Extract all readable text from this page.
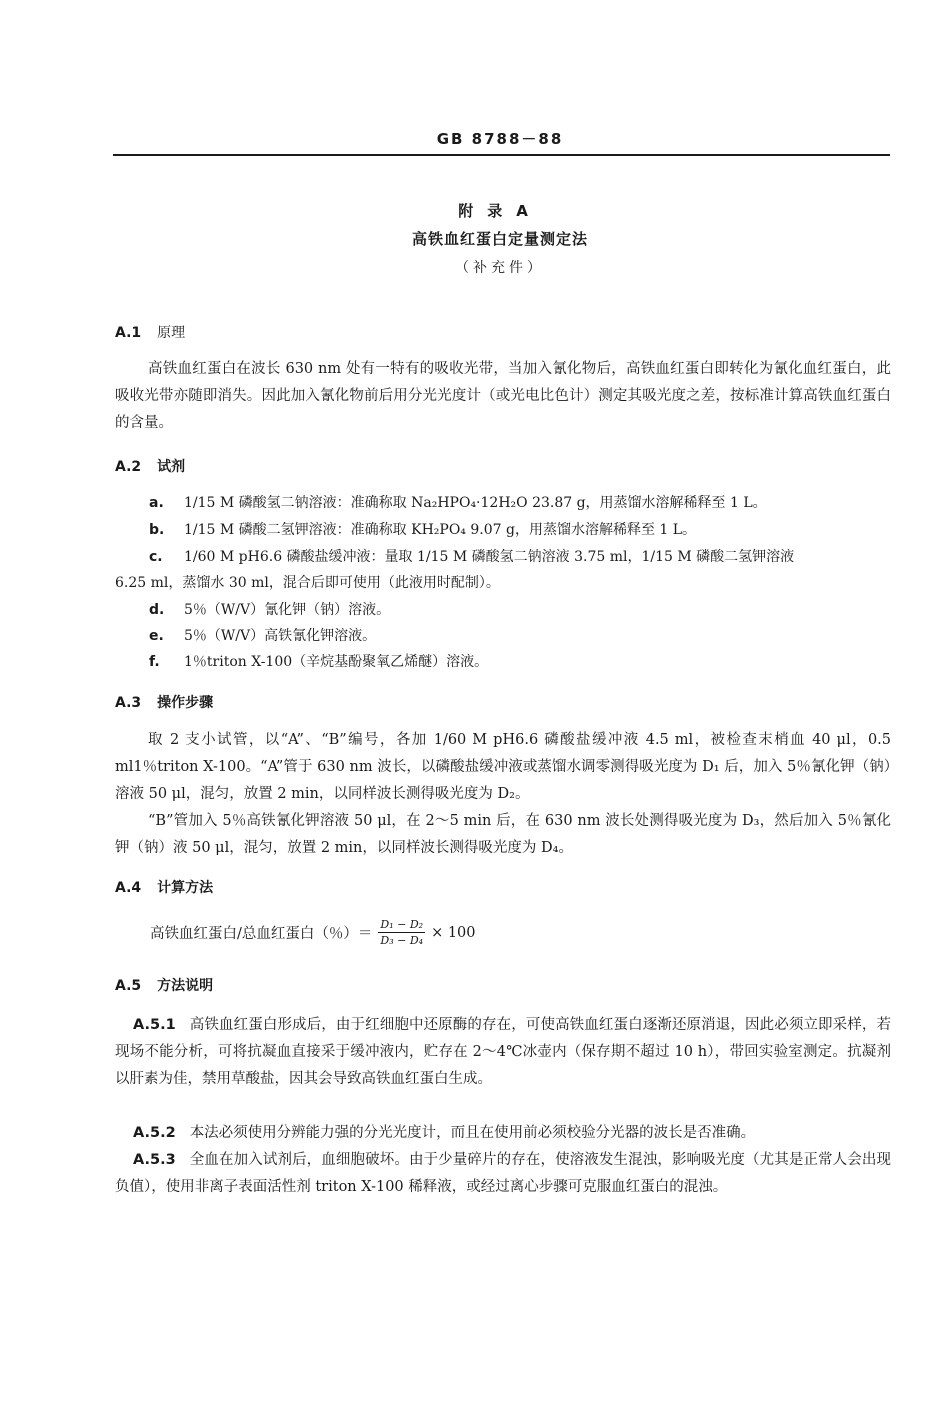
GB 8788－88
附录A
高铁血红蛋白定量测定法
（补充件）
A.1 原理

高铁血红蛋白在波长 630 nm 处有一特有的吸收光带，当加入氰化物后，高铁血红蛋白即转化为氰化血红蛋白，此吸收光带亦随即消失。因此加入氰化物前后用分光光度计（或光电比色计）测定其吸光度之差，按标准计算高铁血红蛋白的含量。

A.2 试剂
a. 1/15 M 磷酸氢二钠溶液：准确称取 Na₂HPO₄·12H₂O 23.87 g，用蒸馏水溶解稀释至 1 L。
b. 1/15 M 磷酸二氢钾溶液：准确称取 KH₂PO₄ 9.07 g，用蒸馏水溶解稀释至 1 L。
c. 1/60 M pH6.6 磷酸盐缓冲液：量取 1/15 M 磷酸氢二钠溶液 3.75 ml，1/15 M 磷酸二氢钾溶液
6.25 ml，蒸馏水 30 ml，混合后即可使用（此液用时配制）。
d. 5％（W/V）氰化钾（钠）溶液。
e. 5％（W/V）高铁氰化钾溶液。
f. 1％triton X-100（辛烷基酚聚氧乙烯醚）溶液。
A.3 操作步骤

取 2 支小试管，以“A”、“B”编号，各加 1/60 M pH6.6 磷酸盐缓冲液 4.5 ml，被检查末梢血 40 μl，0.5 ml1％triton X-100。“A”管于 630 nm 波长，以磷酸盐缓冲液或蒸馏水调零测得吸光度为 D₁ 后，加入 5％氰化钾（钠）溶液 50 μl，混匀，放置 2 min，以同样波长测得吸光度为 D₂。

“B”管加入 5％高铁氰化钾溶液 50 μl，在 2～5 min 后，在 630 nm 波长处测得吸光度为 D₃，然后加入 5％氰化钾（钠）液 50 μl，混匀，放置 2 min，以同样波长测得吸光度为 D₄。

A.4 计算方法
高铁血红蛋白/总血红蛋白（％）＝ $\frac{\text{D₁ − D₂}}{\text{D₃ − D₄}} \times 100$
A.5 方法说明

A.5.1 高铁血红蛋白形成后，由于红细胞中还原酶的存在，可使高铁血红蛋白逐渐还原消退，因此必须立即采样，若现场不能分析，可将抗凝血直接采于缓冲液内，贮存在 2～4℃冰壶内（保存期不超过 10 h），带回实验室测定。抗凝剂以肝素为佳，禁用草酸盐，因其会导致高铁血红蛋白生成。

A.5.2 本法必须使用分辨能力强的分光光度计，而且在使用前必须校验分光器的波长是否准确。

A.5.3 全血在加入试剂后，血细胞破坏。由于少量碎片的存在，使溶液发生混浊，影响吸光度（尤其是正常人会出现负值），使用非离子表面活性剂 triton X-100 稀释液，或经过离心步骤可克服血红蛋白的混浊。
